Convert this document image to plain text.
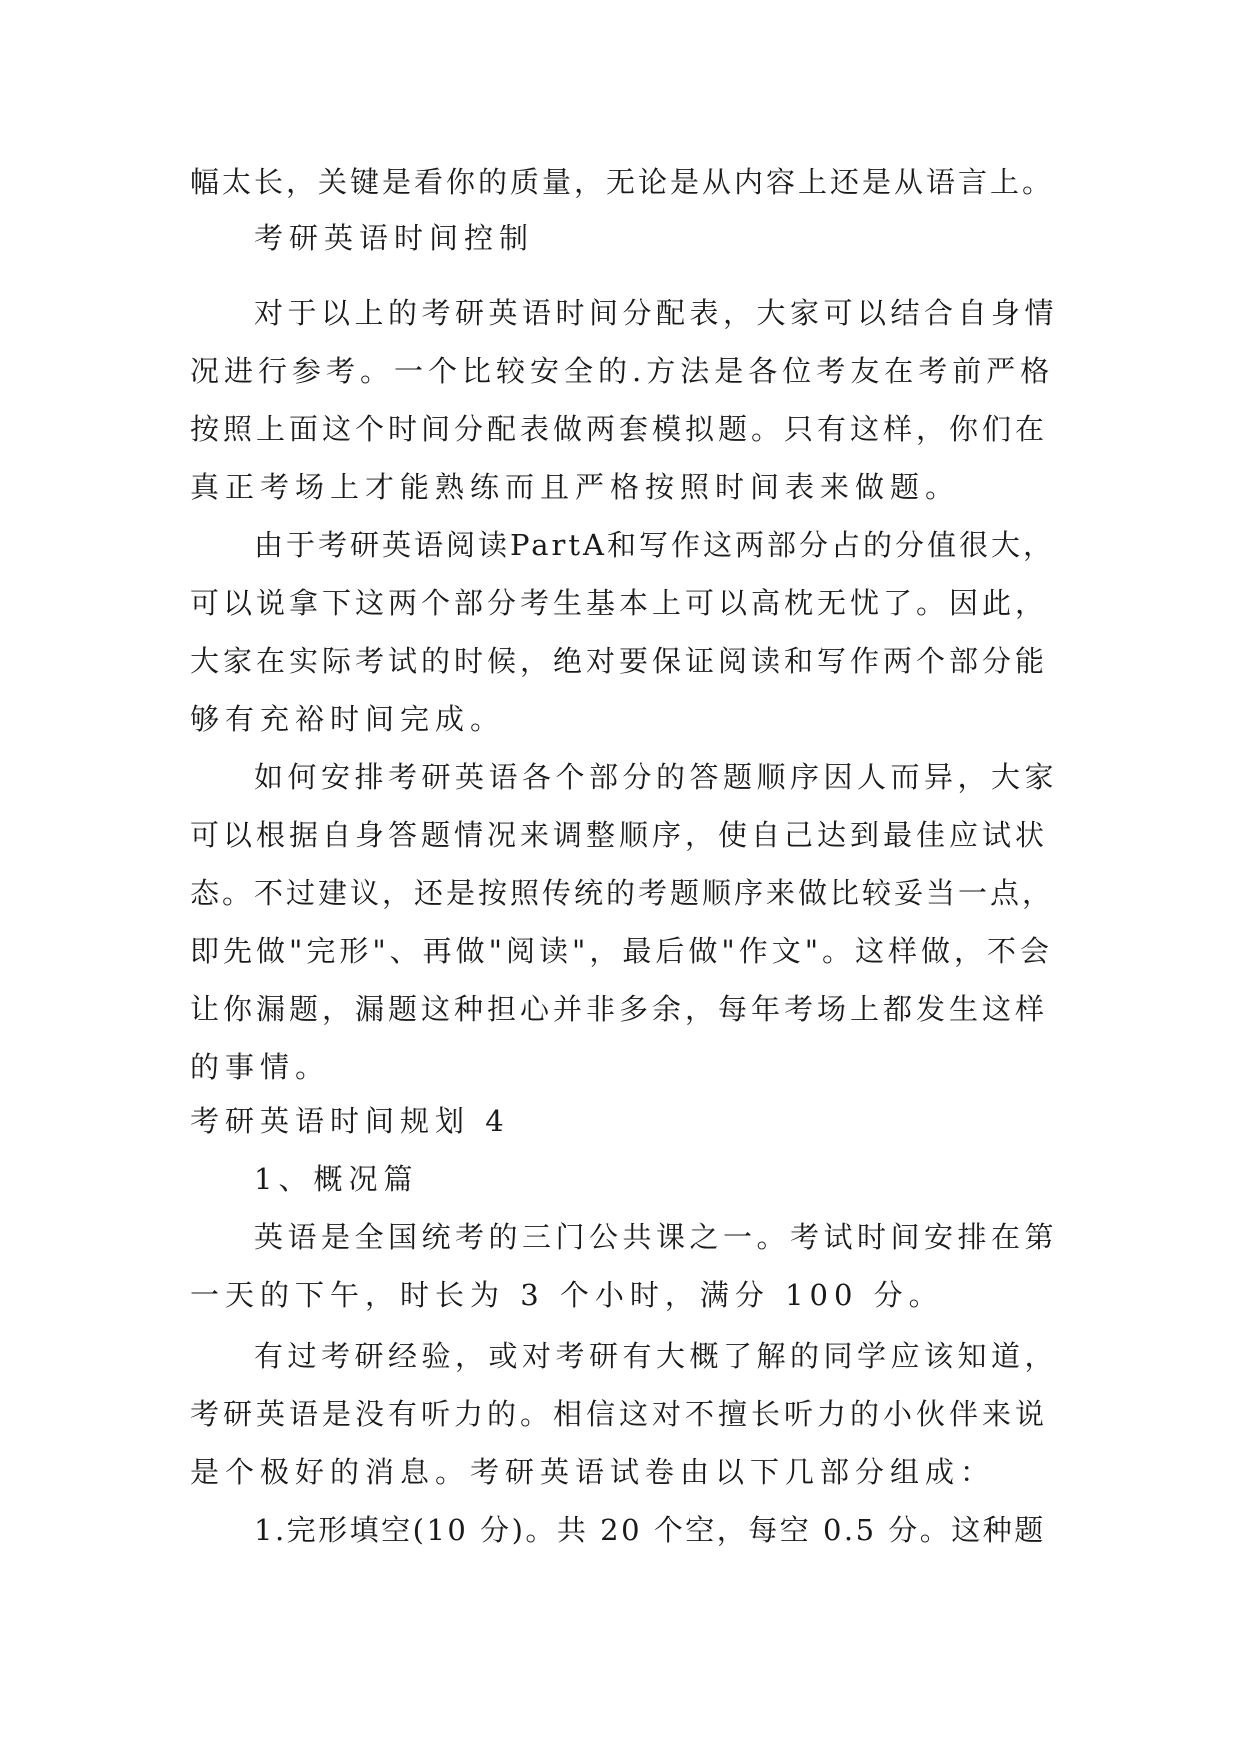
幅太长，关键是看你的质量，无论是从内容上还是从语言上。
考研英语时间控制
对于以上的考研英语时间分配表，大家可以结合自身情
况进行参考。一个比较安全的.方法是各位考友在考前严格
按照上面这个时间分配表做两套模拟题。只有这样，你们在
真正考场上才能熟练而且严格按照时间表来做题。
由于考研英语阅读PartA和写作这两部分占的分值很大，
可以说拿下这两个部分考生基本上可以高枕无忧了。因此，
大家在实际考试的时候，绝对要保证阅读和写作两个部分能
够有充裕时间完成。
如何安排考研英语各个部分的答题顺序因人而异，大家
可以根据自身答题情况来调整顺序，使自己达到最佳应试状
态。不过建议，还是按照传统的考题顺序来做比较妥当一点，
即先做"完形"、再做"阅读"，最后做"作文"。这样做，不会
让你漏题，漏题这种担心并非多余，每年考场上都发生这样
的事情。
考研英语时间规划 4
1、概况篇
英语是全国统考的三门公共课之一。考试时间安排在第
一天的下午，时长为 3 个小时，满分 100 分。
有过考研经验，或对考研有大概了解的同学应该知道，
考研英语是没有听力的。相信这对不擅长听力的小伙伴来说
是个极好的消息。考研英语试卷由以下几部分组成：
1.完形填空(10 分)。共 20 个空，每空 0.5 分。这种题
